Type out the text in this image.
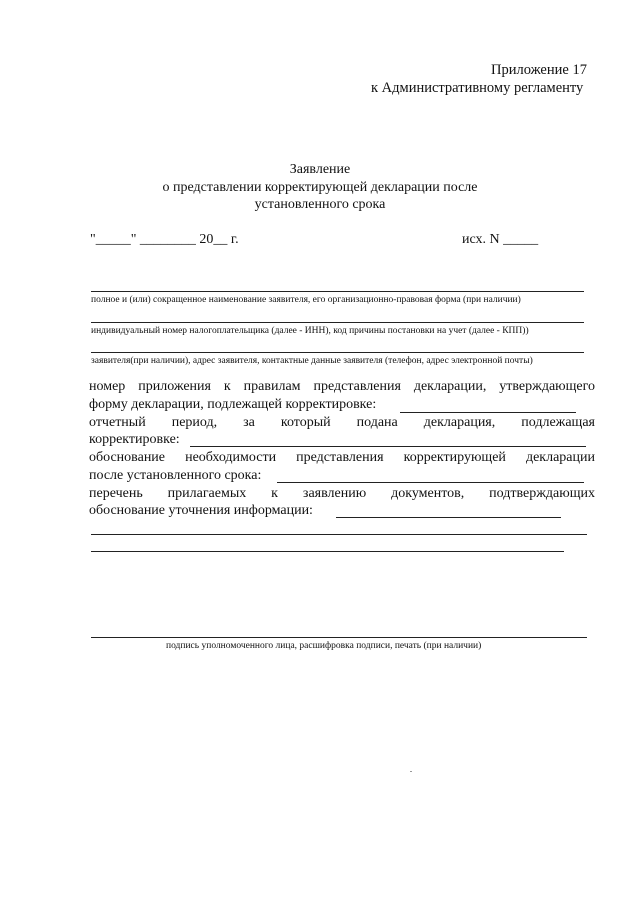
Приложение 17
к Административному регламенту
Заявление
о представлении корректирующей декларации после
установленного срока
"_____" ________ 20__ г.	исх. N _____
полное и (или) сокращенное наименование заявителя, его организационно-правовая форма (при наличии)
индивидуальный номер налогоплательщика (далее - ИНН), код причины постановки на учет (далее - КПП))
заявителя(при наличии), адрес заявителя, контактные данные заявителя (телефон, адрес электронной почты)
номер приложения к правилам представления декларации, утверждающего
форму декларации, подлежащей корректировке:
отчетный период, за который подана декларация, подлежащая
корректировке:
обоснование необходимости представления корректирующей декларации
после установленного срока:
перечень прилагаемых к заявлению документов, подтверждающих
обоснование уточнения информации:
подпись уполномоченного лица, расшифровка подписи, печать (при наличии)
